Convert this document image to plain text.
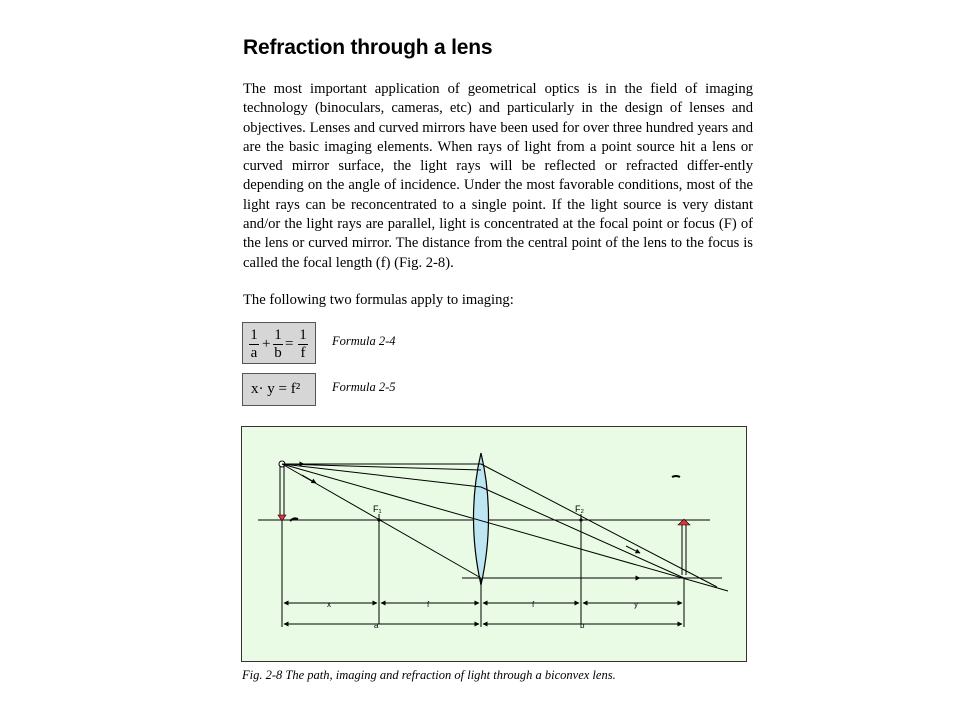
Refraction through a lens

The most important application of geometrical optics is in the field of imaging technology (binoculars, cameras, etc) and particularly in the design of lenses and objectives. Lenses and curved mirrors have been used for over three hundred years and are the basic imaging elements. When rays of light from a point source hit a lens or curved mirror surface, the light rays will be reflected or refracted differ-ently depending on the angle of incidence. Under the most favorable conditions, most of the light rays can be reconcentrated to a single point. If the light source is very distant and/or the light rays are parallel, light is concentrated at the focal point or focus (F) of the lens or curved mirror. The distance from the central point of the lens to the focus is called the focal length (f) (Fig. 2-8).

The following two formulas apply to imaging:

1
a
+
1
b
=
1
f
Formula 2-4
x· y = f²	Formula 2-5
F₁	F₂
x	f	f	y
a	b
Fig. 2-8 The path, imaging and refraction of light through a biconvex lens.
